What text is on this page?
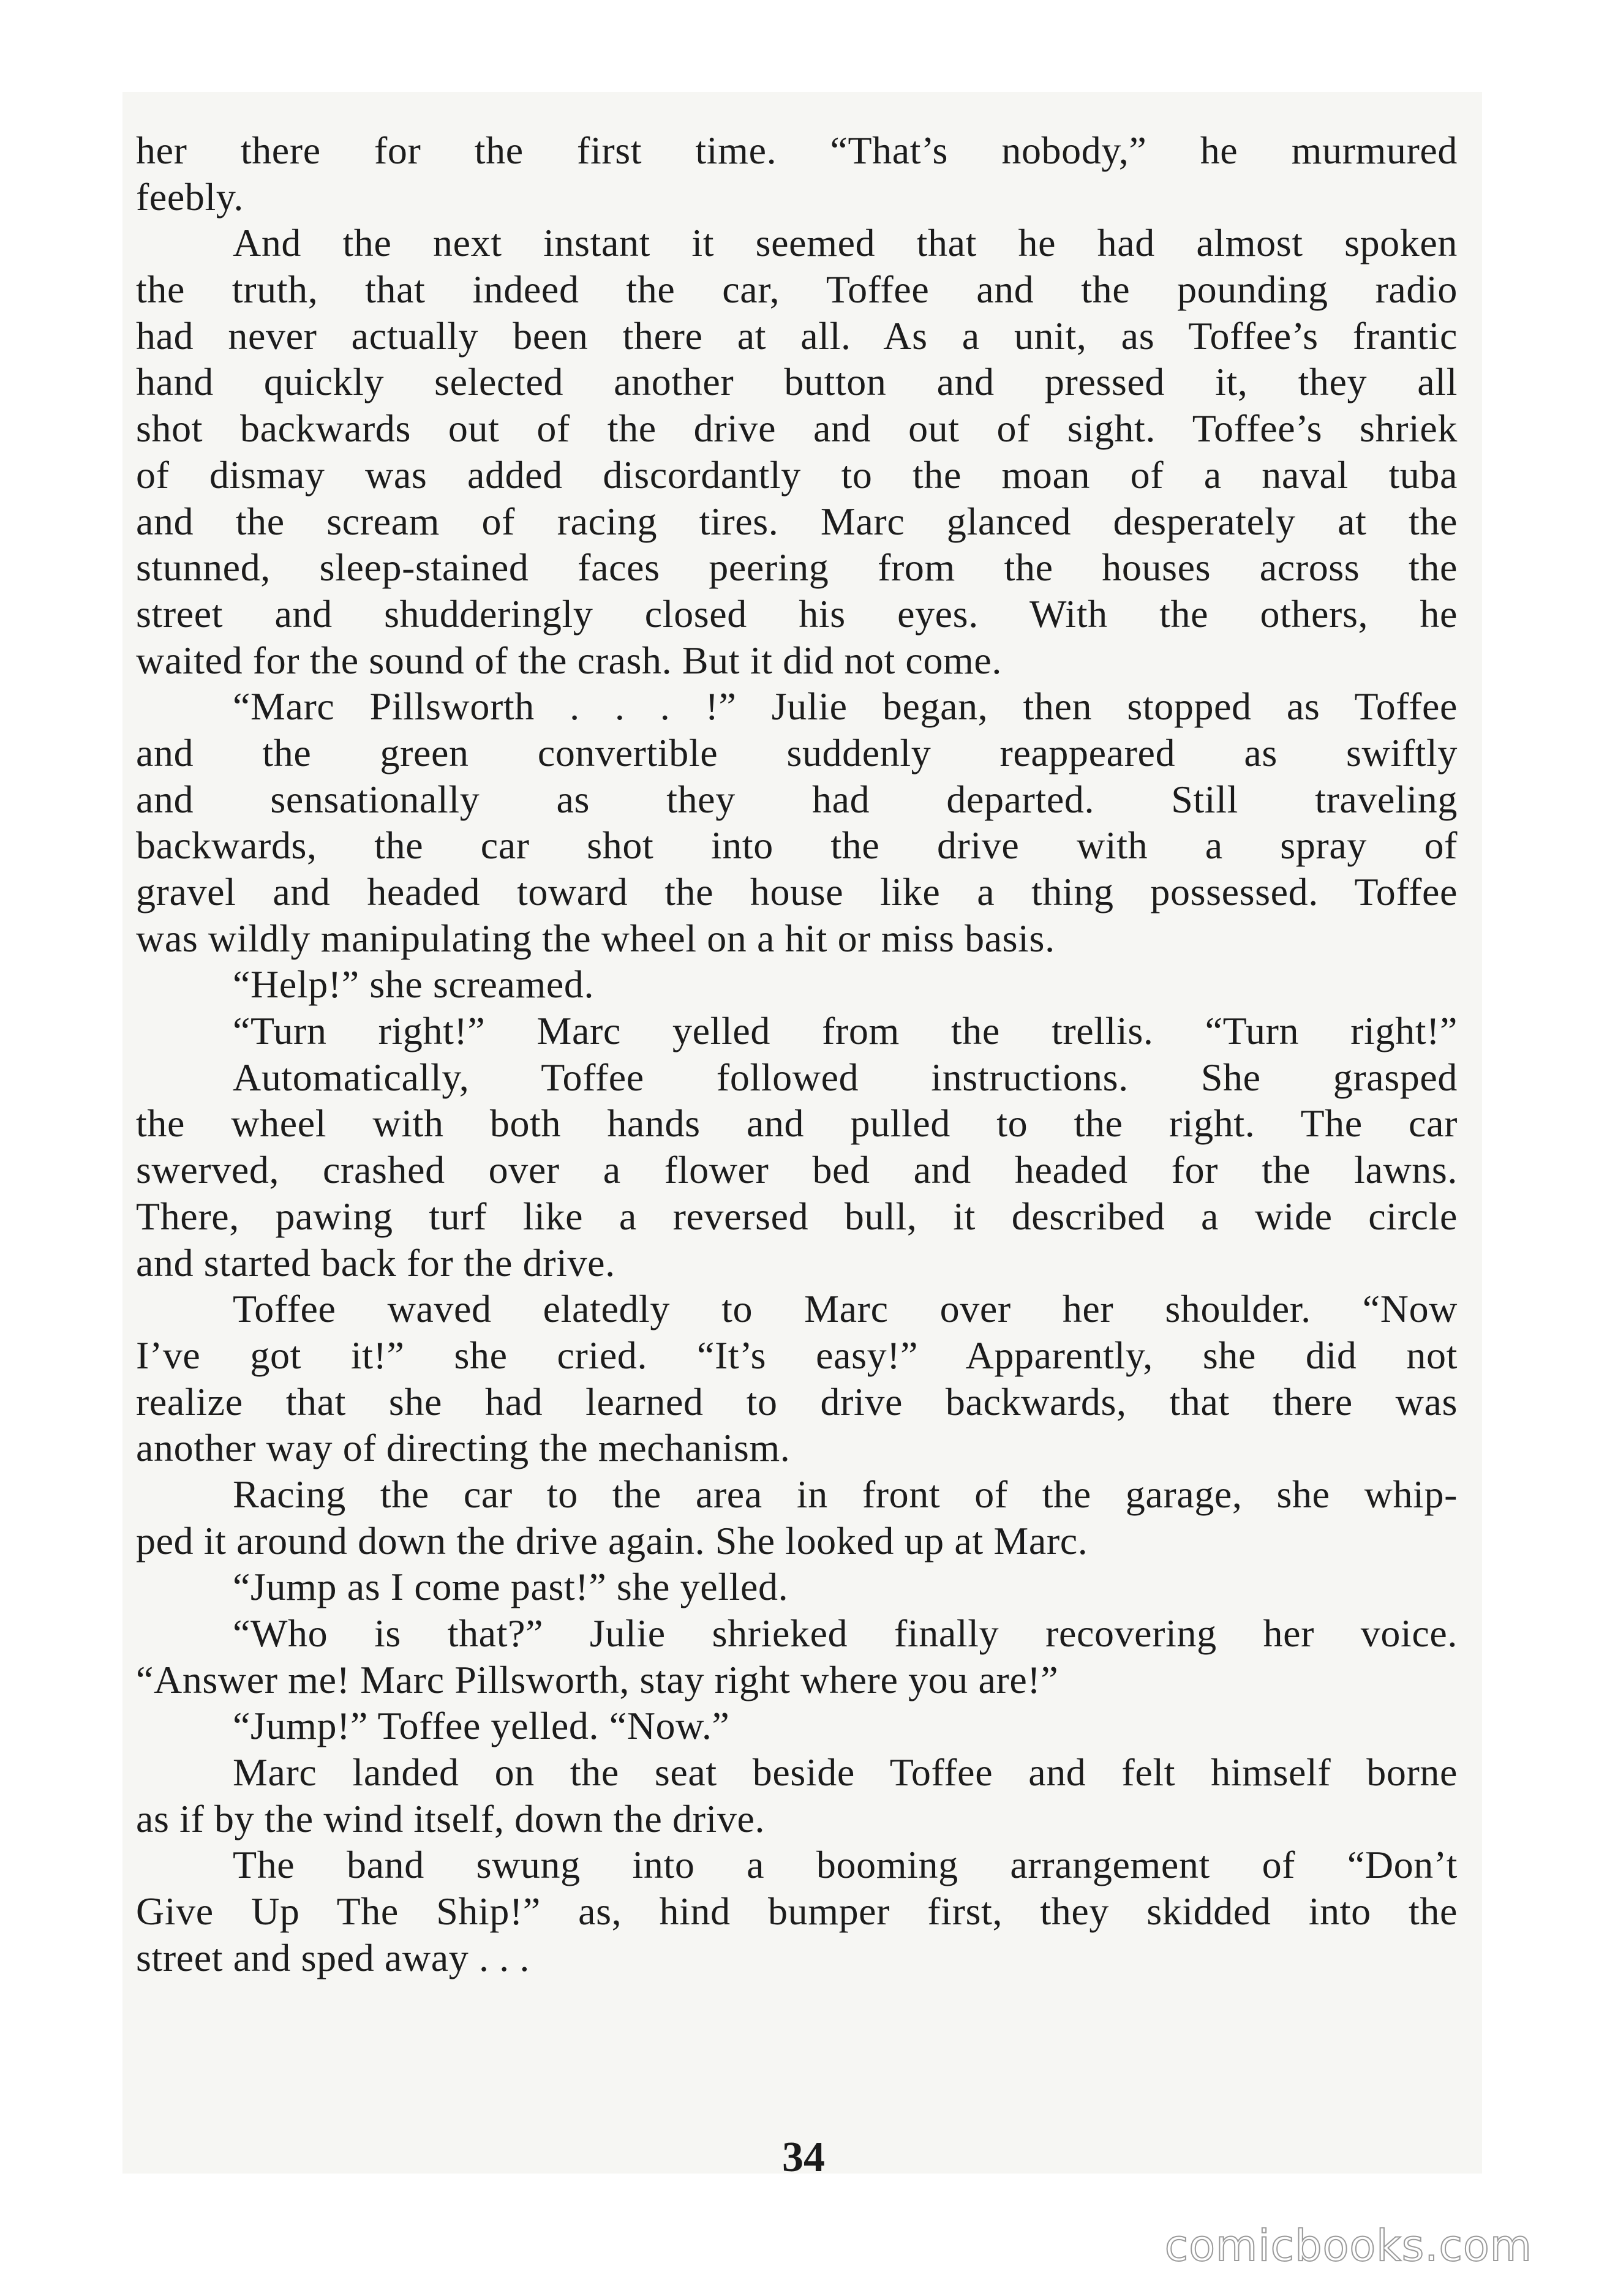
her there for the first time. “That’s nobody,” he murmured
feebly.
And the next instant it seemed that he had almost spoken
the truth, that indeed the car, Toffee and the pounding radio
had never actually been there at all. As a unit, as Toffee’s frantic
hand quickly selected another button and pressed it, they all
shot backwards out of the drive and out of sight. Toffee’s shriek
of dismay was added discordantly to the moan of a naval tuba
and the scream of racing tires. Marc glanced desperately at the
stunned, sleep-stained faces peering from the houses across the
street and shudderingly closed his eyes. With the others, he
waited for the sound of the crash. But it did not come.
“Marc Pillsworth . . . !” Julie began, then stopped as Toffee
and the green convertible suddenly reappeared as swiftly
and sensationally as they had departed. Still traveling
backwards, the car shot into the drive with a spray of
gravel and headed toward the house like a thing possessed. Toffee
was wildly manipulating the wheel on a hit or miss basis.
“Help!” she screamed.
“Turn right!” Marc yelled from the trellis. “Turn right!”
Automatically, Toffee followed instructions. She grasped
the wheel with both hands and pulled to the right. The car
swerved, crashed over a flower bed and headed for the lawns.
There, pawing turf like a reversed bull, it described a wide circle
and started back for the drive.
Toffee waved elatedly to Marc over her shoulder. “Now
I’ve got it!” she cried. “It’s easy!” Apparently, she did not
realize that she had learned to drive backwards, that there was
another way of directing the mechanism.
Racing the car to the area in front of the garage, she whip-
ped it around down the drive again. She looked up at Marc.
“Jump as I come past!” she yelled.
“Who is that?” Julie shrieked finally recovering her voice.
“Answer me! Marc Pillsworth, stay right where you are!”
“Jump!” Toffee yelled. “Now.”
Marc landed on the seat beside Toffee and felt himself borne
as if by the wind itself, down the drive.
The band swung into a booming arrangement of “Don’t
Give Up The Ship!” as, hind bumper first, they skidded into the
street and sped away . . .
34
comicbooks.com
